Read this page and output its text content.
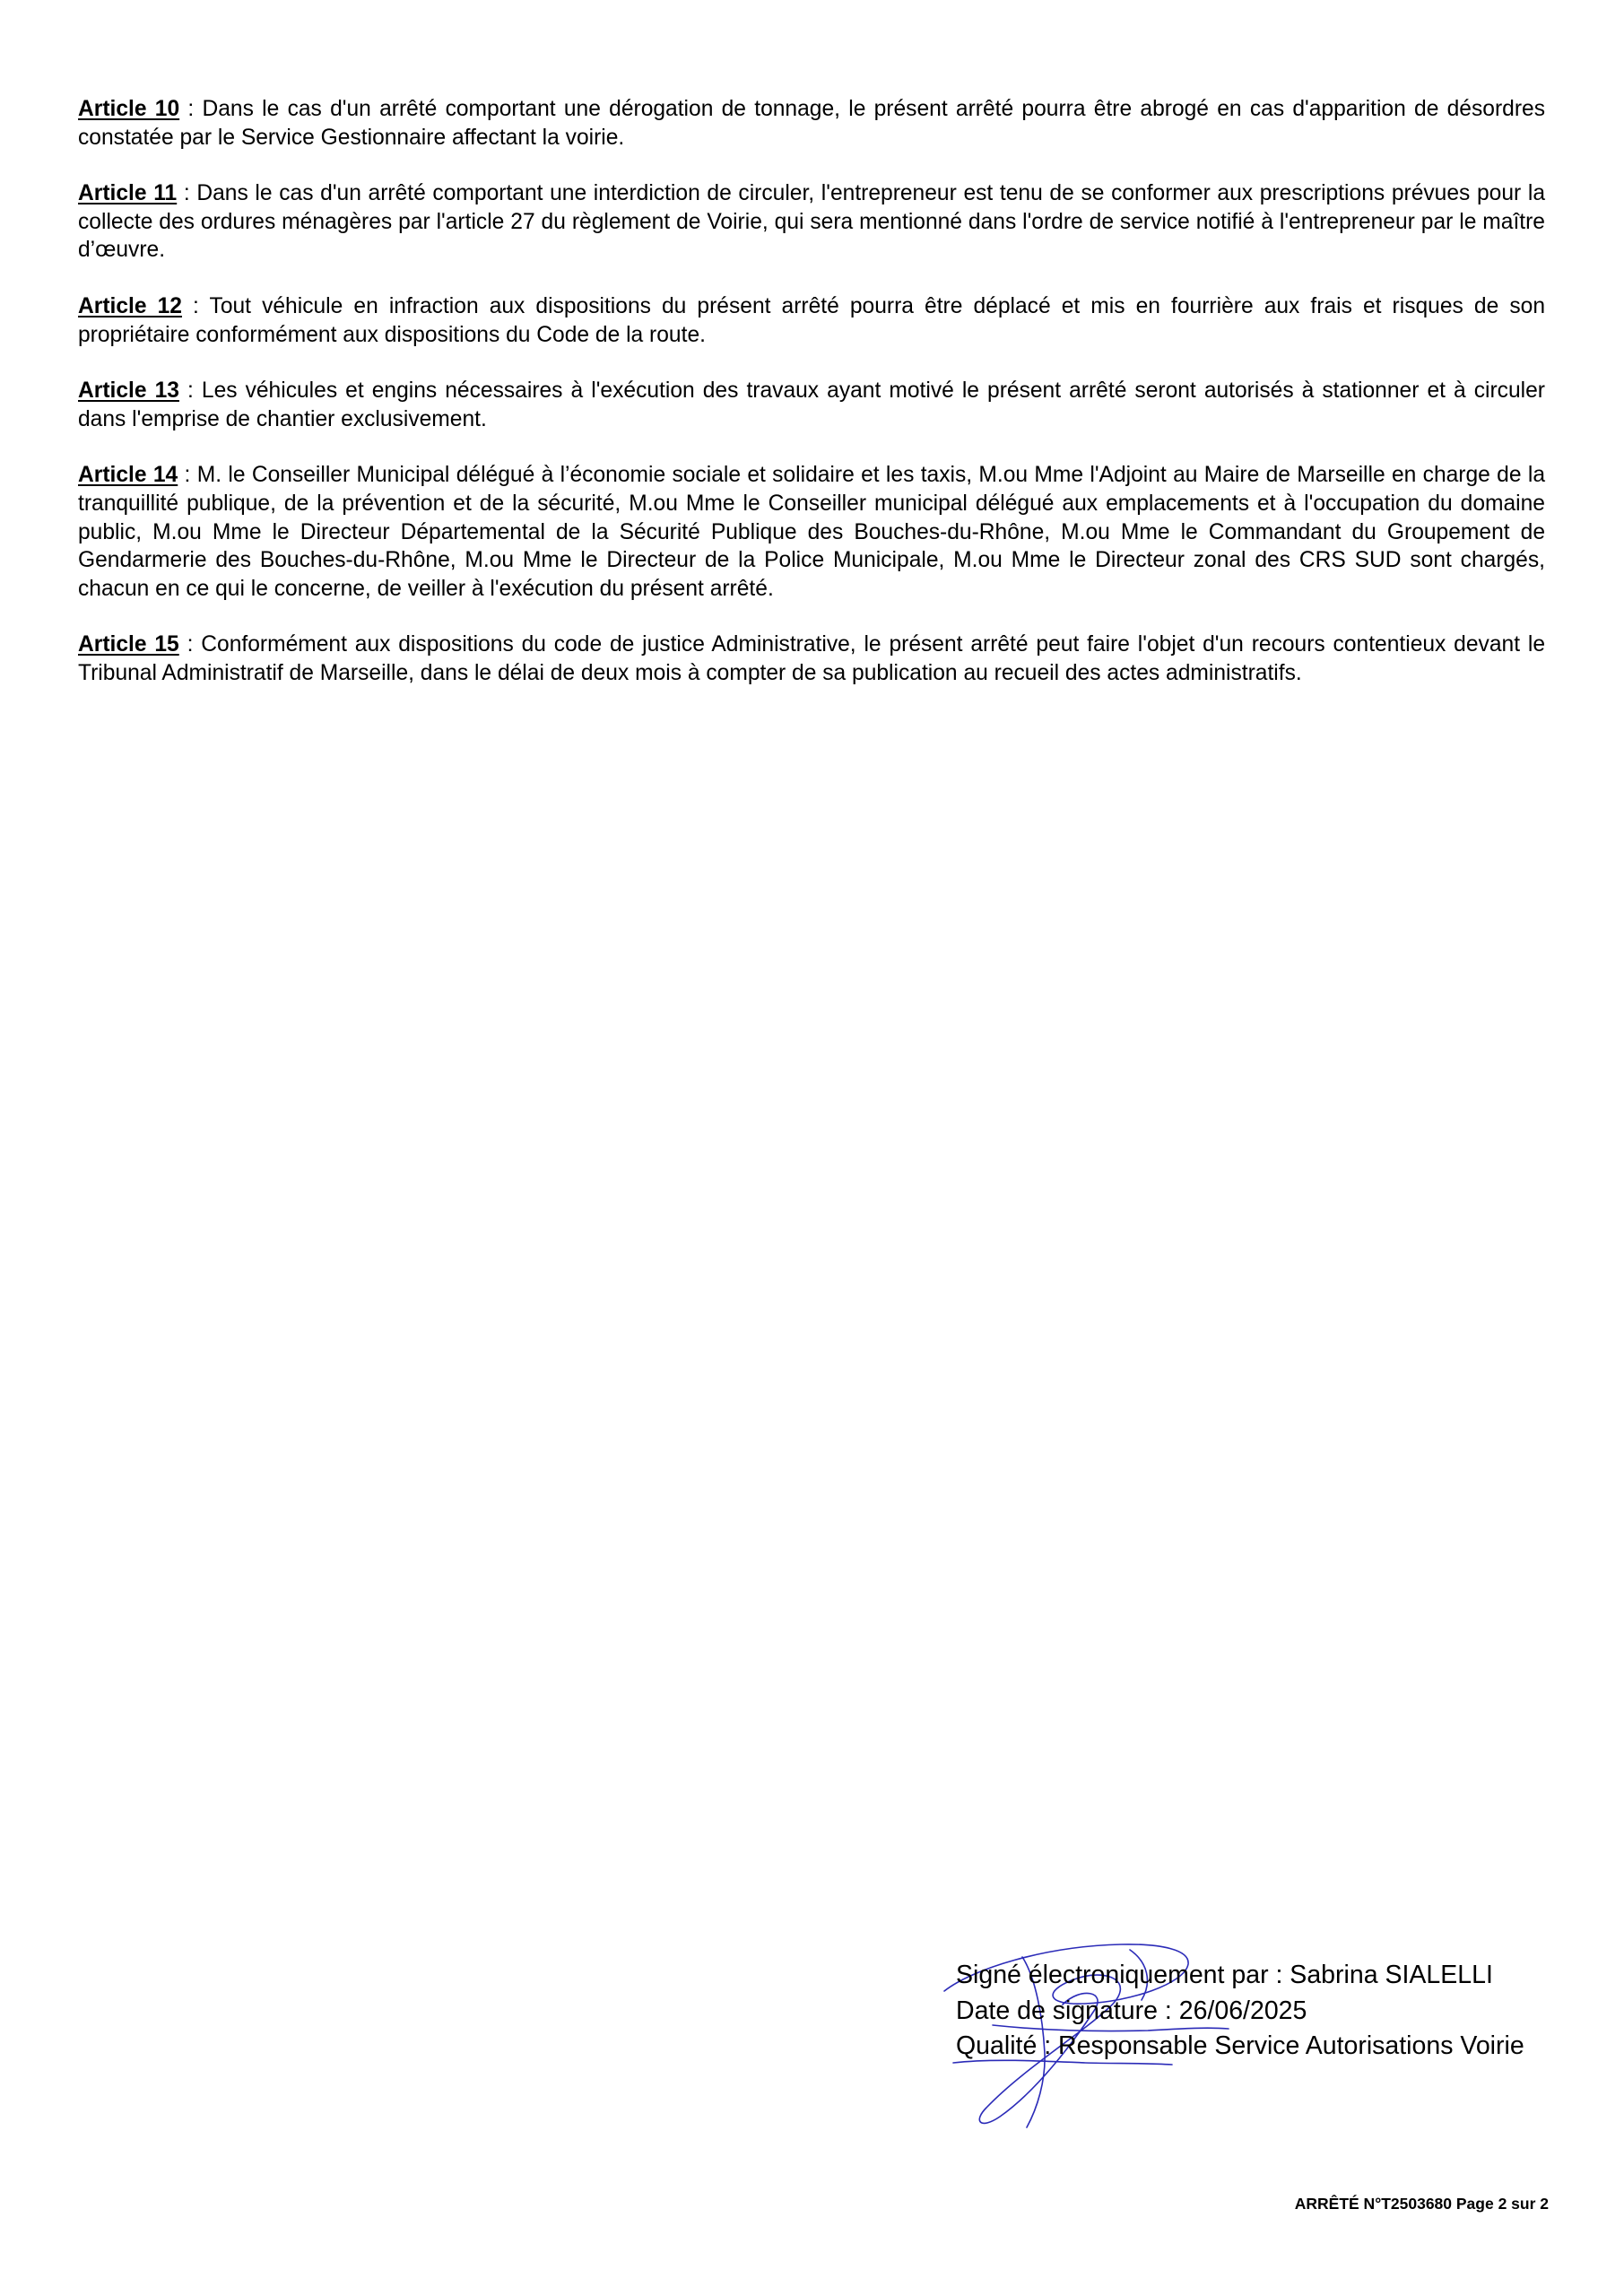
Article 10 : Dans le cas d'un arrêté comportant une dérogation de tonnage, le présent arrêté pourra être abrogé en cas d'apparition de désordres constatée par le Service Gestionnaire affectant la voirie.

Article 11 : Dans le cas d'un arrêté comportant une interdiction de circuler, l'entrepreneur est tenu de se conformer aux prescriptions prévues pour la collecte des ordures ménagères par l'article 27 du règlement de Voirie, qui sera mentionné dans l'ordre de service notifié à l'entrepreneur par le maître d’œuvre.

Article 12 : Tout véhicule en infraction aux dispositions du présent arrêté pourra être déplacé et mis en fourrière aux frais et risques de son propriétaire conformément aux dispositions du Code de la route.

Article 13 : Les véhicules et engins nécessaires à l'exécution des travaux ayant motivé le présent arrêté seront autorisés à stationner et à circuler dans l'emprise de chantier exclusivement.

Article 14 : M. le Conseiller Municipal délégué à l’économie sociale et solidaire et les taxis, M.ou Mme l'Adjoint au Maire de Marseille en charge de la tranquillité publique, de la prévention et de la sécurité, M.ou Mme le Conseiller municipal délégué aux emplacements et à l'occupation du domaine public, M.ou Mme le Directeur Départemental de la Sécurité Publique des Bouches-du-Rhône, M.ou Mme le Commandant du Groupement de Gendarmerie des Bouches-du-Rhône, M.ou Mme le Directeur de la Police Municipale, M.ou Mme le Directeur zonal des CRS SUD sont chargés, chacun en ce qui le concerne, de veiller à l'exécution du présent arrêté.

Article 15 : Conformément aux dispositions du code de justice Administrative, le présent arrêté peut faire l'objet d'un recours contentieux devant le Tribunal Administratif de Marseille, dans le délai de deux mois à compter de sa publication au recueil des actes administratifs.

Signé électroniquement par : Sabrina SIALELLI
Date de signature : 26/06/2025
Qualité : Responsable Service Autorisations Voirie
ARRÊTÉ N°T2503680 Page 2 sur 2
